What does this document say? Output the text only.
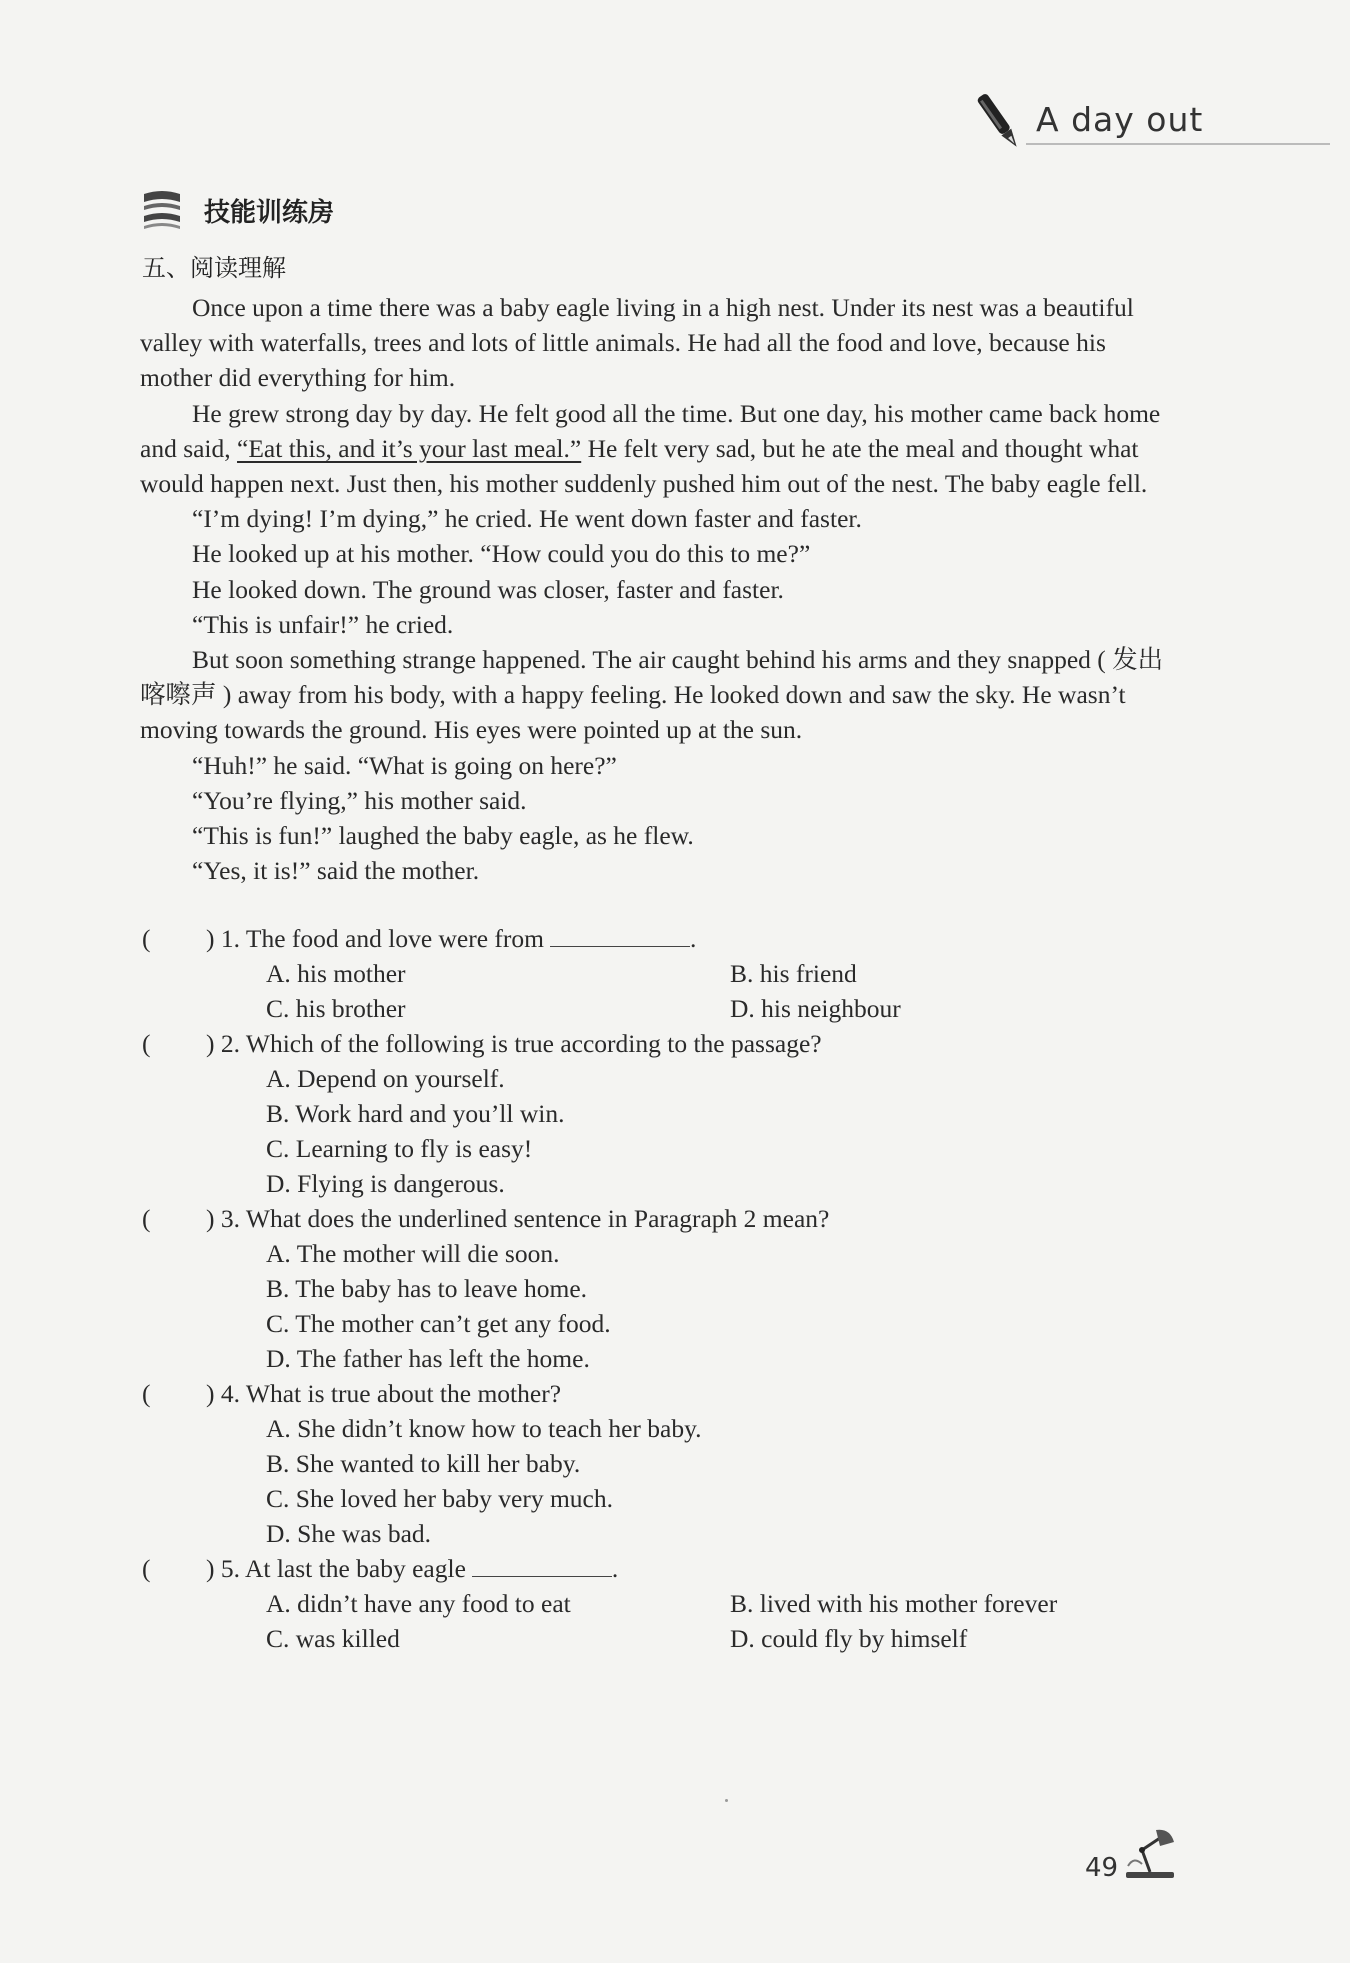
A day out
技能训练房
五、阅读理解

Once upon a time there was a baby eagle living in a high nest. Under its nest was a beautiful valley with waterfalls, trees and lots of little animals. He had all the food and love, because his mother did everything for him.

He grew strong day by day. He felt good all the time. But one day, his mother came back home and said, “Eat this, and it’s your last meal.” He felt very sad, but he ate the meal and thought what would happen next. Just then, his mother suddenly pushed him out of the nest. The baby eagle fell.

“I’m dying! I’m dying,” he cried. He went down faster and faster.

He looked up at his mother. “How could you do this to me?”

He looked down. The ground was closer, faster and faster.

“This is unfair!” he cried.

But soon something strange happened. The air caught behind his arms and they snapped ( 发出喀嚓声 ) away from his body, with a happy feeling. He looked down and saw the sky. He wasn’t moving towards the ground. His eyes were pointed up at the sun.

“Huh!” he said. “What is going on here?”

“You’re flying,” his mother said.

“This is fun!” laughed the baby eagle, as he flew.

“Yes, it is!” said the mother.

( ) 1. The food and love were from	.
A. his mother	B. his friend
C. his brother	D. his neighbour
( ) 2. Which of the following is true according to the passage?
A. Depend on yourself.
B. Work hard and you’ll win.
C. Learning to fly is easy!
D. Flying is dangerous.
( ) 3. What does the underlined sentence in Paragraph 2 mean?
A. The mother will die soon.
B. The baby has to leave home.
C. The mother can’t get any food.
D. The father has left the home.
( ) 4. What is true about the mother?
A. She didn’t know how to teach her baby.
B. She wanted to kill her baby.
C. She loved her baby very much.
D. She was bad.
( ) 5. At last the baby eagle	.
A. didn’t have any food to eat	B. lived with his mother forever
C. was killed	D. could fly by himself
49
